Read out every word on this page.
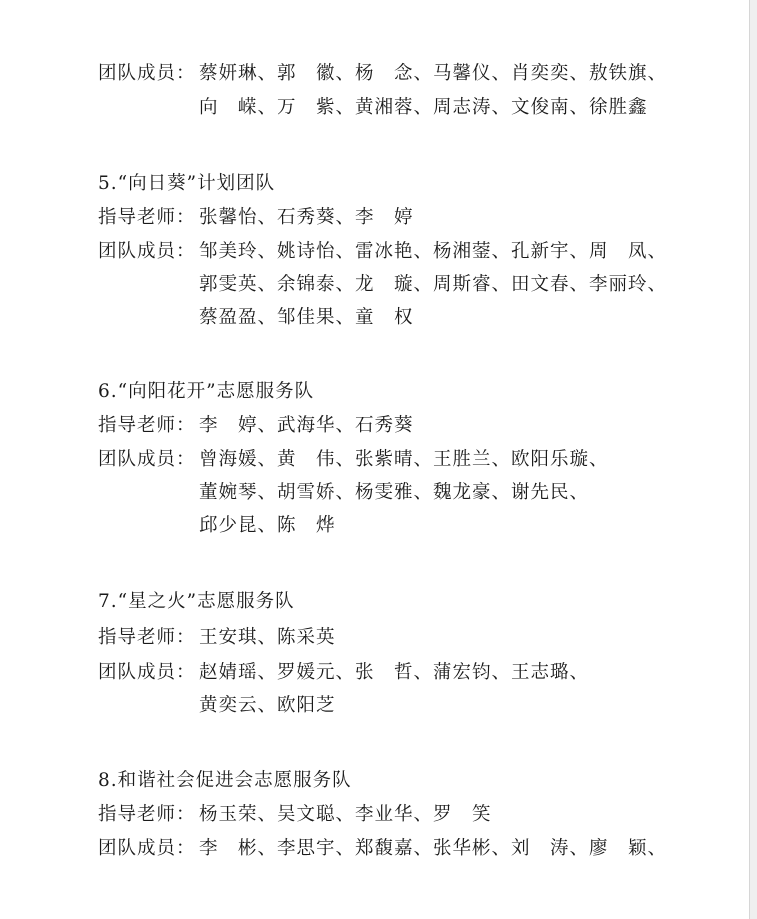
团队成员： 蔡妍琳、郭　徽、杨　念、马馨仪、肖奕奕、敖铁旗、
向　嵘、万　紫、黄湘蓉、周志涛、文俊南、徐胜鑫
5.“向日葵”计划团队
指导老师： 张馨怡、石秀葵、李　婷
团队成员： 邹美玲、姚诗怡、雷冰艳、杨湘蓥、孔新宇、周　凤、
郭雯英、余锦泰、龙　璇、周斯睿、田文春、李丽玲、
蔡盈盈、邹佳果、童　权
6.“向阳花开”志愿服务队
指导老师： 李　婷、武海华、石秀葵
团队成员： 曾海媛、黄　伟、张紫晴、王胜兰、欧阳乐璇、
董婉琴、胡雪娇、杨雯雅、魏龙豪、谢先民、
邱少昆、陈　烨
7.“星之火”志愿服务队
指导老师： 王安琪、陈采英
团队成员： 赵婧瑶、罗媛元、张　哲、蒲宏钧、王志璐、
黄奕云、欧阳芝
8.和谐社会促进会志愿服务队
指导老师： 杨玉荣、吴文聪、李业华、罗　笑
团队成员： 李　彬、李思宇、郑馥嘉、张华彬、刘　涛、廖　颖、
